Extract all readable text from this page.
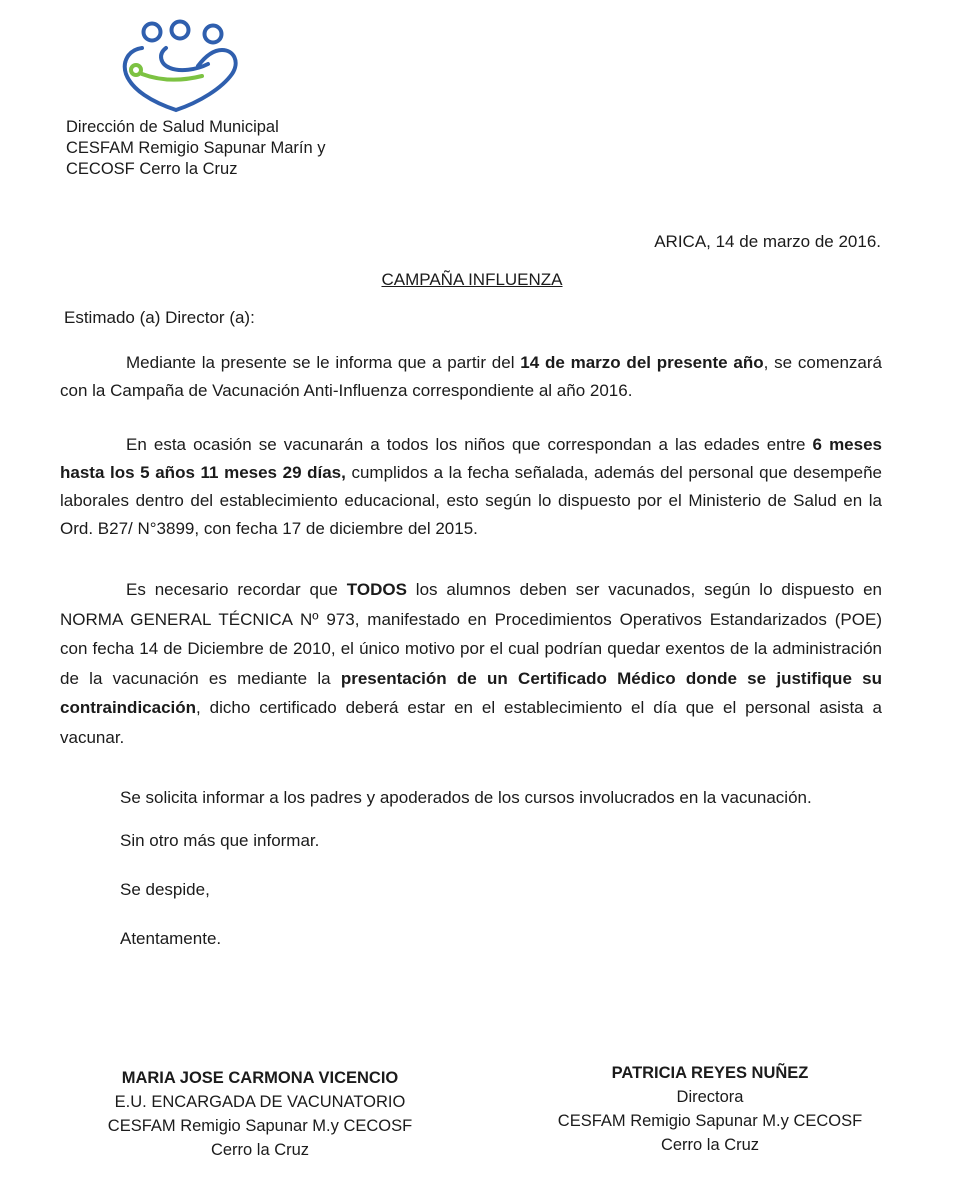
Dirección de Salud Municipal
CESFAM Remigio Sapunar Marín y
CECOSF Cerro la Cruz
ARICA, 14 de marzo de 2016.
CAMPAÑA INFLUENZA
Estimado (a) Director (a):
Mediante la presente se le informa que a partir del 14 de marzo del presente año, se comenzará con la Campaña de Vacunación Anti-Influenza correspondiente al año 2016.
En esta ocasión se vacunarán a todos los niños que correspondan a las edades entre 6 meses hasta los 5 años 11 meses 29 días, cumplidos a la fecha señalada, además del personal que desempeñe laborales dentro del establecimiento educacional, esto según lo dispuesto por el Ministerio de Salud en la Ord. B27/ N°3899, con fecha 17 de diciembre del 2015.
Es necesario recordar que TODOS los alumnos deben ser vacunados, según lo dispuesto en NORMA GENERAL TÉCNICA Nº 973, manifestado en Procedimientos Operativos Estandarizados (POE) con fecha 14 de Diciembre de 2010, el único motivo por el cual podrían quedar exentos de la administración de la vacunación es mediante la presentación de un Certificado Médico donde se justifique su contraindicación, dicho certificado deberá estar en el establecimiento el día que el personal asista a vacunar.
Se solicita informar a los padres y apoderados de los cursos involucrados en la vacunación.
Sin otro más que informar.
Se despide,
Atentamente.
MARIA JOSE CARMONA VICENCIO
E.U. ENCARGADA DE VACUNATORIO
CESFAM Remigio Sapunar M.y CECOSF
Cerro la Cruz
PATRICIA REYES NUÑEZ
Directora
CESFAM Remigio Sapunar M.y CECOSF
Cerro la Cruz
